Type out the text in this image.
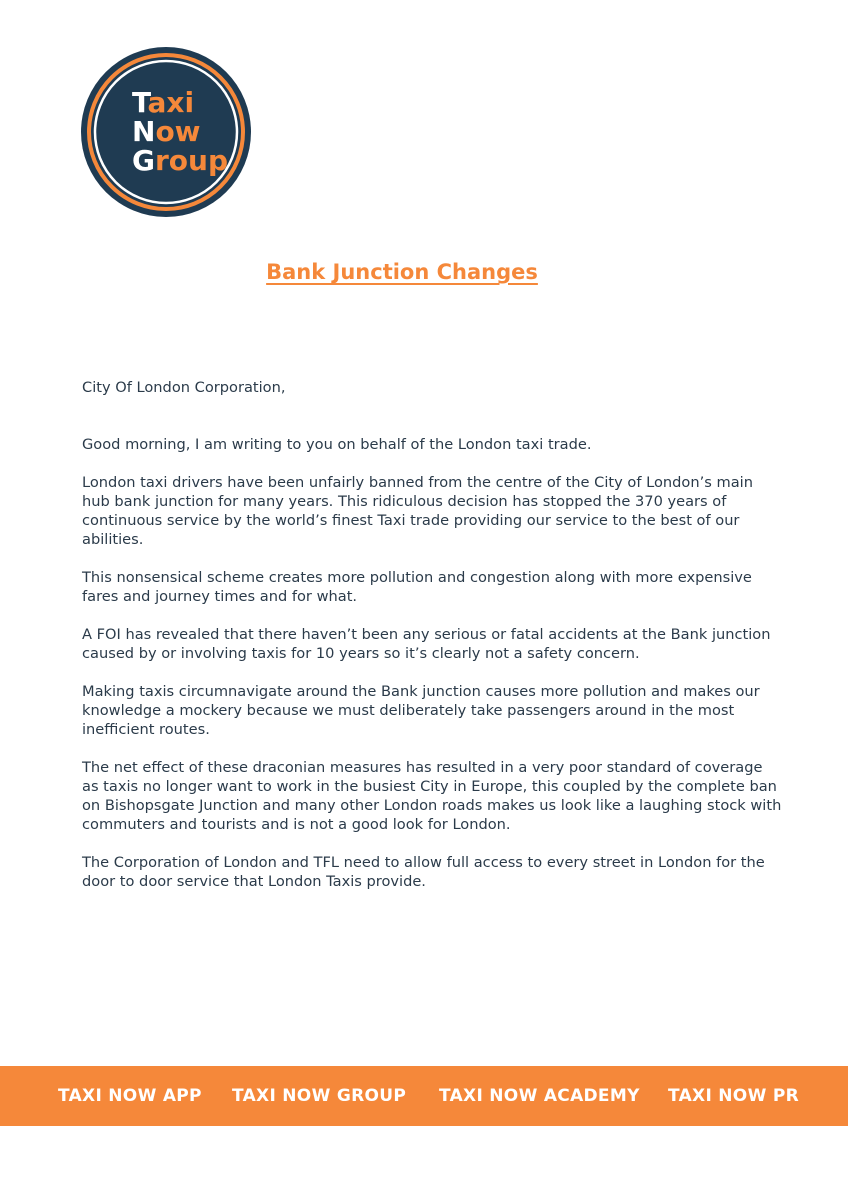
Taxi
Now
Group
Bank Junction Changes

City Of London Corporation,

Good morning, I am writing to you on behalf of the London taxi trade.

London taxi drivers have been unfairly banned from the centre of the City of London’s main hub bank junction for many years. This ridiculous decision has stopped the 370 years of continuous service by the world’s finest Taxi trade providing our service to the best of our abilities.

This nonsensical scheme creates more pollution and congestion along with more expensive fares and journey times and for what.

A FOI has revealed that there haven’t been any serious or fatal accidents at the Bank junction caused by or involving taxis for 10 years so it’s clearly not a safety concern.

Making taxis circumnavigate around the Bank junction causes more pollution and makes our knowledge a mockery because we must deliberately take passengers around in the most inefficient routes.

The net effect of these draconian measures has resulted in a very poor standard of coverage as taxis no longer want to work in the busiest City in Europe, this coupled by the complete ban on Bishopsgate Junction and many other London roads makes us look like a laughing stock with commuters and tourists and is not a good look for London.

The Corporation of London and TFL need to allow full access to every street in London for the door to door service that London Taxis provide.

TAXI NOW APP TAXI NOW GROUP TAXI NOW ACADEMY TAXI NOW PR
